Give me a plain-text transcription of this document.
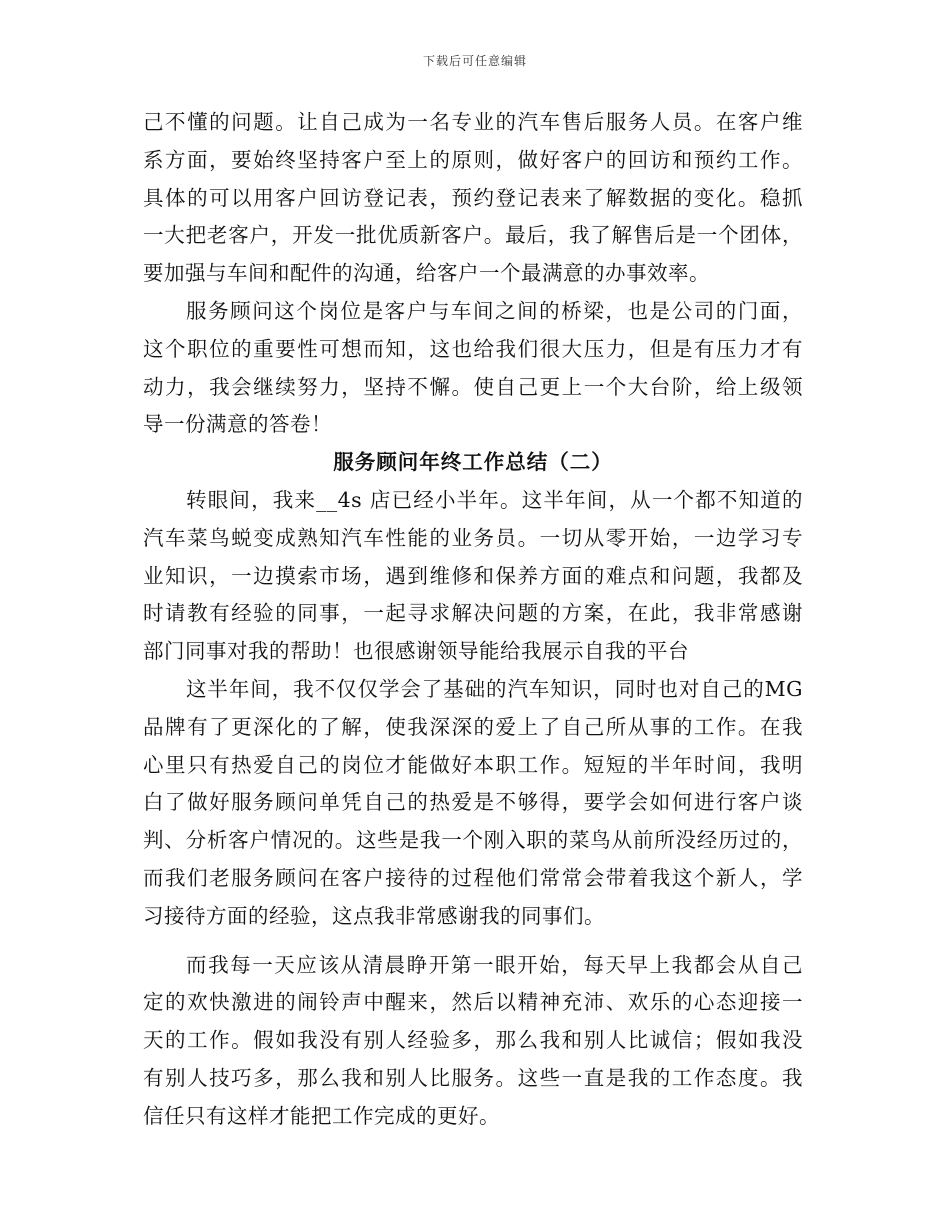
下载后可任意编辑
己不懂的问题。让自己成为一名专业的汽车售后服务人员。在客户维
系方面，要始终坚持客户至上的原则，做好客户的回访和预约工作。
具体的可以用客户回访登记表，预约登记表来了解数据的变化。稳抓
一大把老客户，开发一批优质新客户。最后，我了解售后是一个团体，
要加强与车间和配件的沟通，给客户一个最满意的办事效率。
服务顾问这个岗位是客户与车间之间的桥梁，也是公司的门面，
这个职位的重要性可想而知，这也给我们很大压力，但是有压力才有
动力，我会继续努力，坚持不懈。使自己更上一个大台阶，给上级领
导一份满意的答卷！
服务顾问年终工作总结（二）
转眼间，我来__4s 店已经小半年。这半年间，从一个都不知道的
汽车菜鸟蜕变成熟知汽车性能的业务员。一切从零开始，一边学习专
业知识，一边摸索市场，遇到维修和保养方面的难点和问题，我都及
时请教有经验的同事，一起寻求解决问题的方案，在此，我非常感谢
部门同事对我的帮助！也很感谢领导能给我展示自我的平台
这半年间，我不仅仅学会了基础的汽车知识，同时也对自己的MG
品牌有了更深化的了解，使我深深的爱上了自己所从事的工作。在我
心里只有热爱自己的岗位才能做好本职工作。短短的半年时间，我明
白了做好服务顾问单凭自己的热爱是不够得，要学会如何进行客户谈
判、分析客户情况的。这些是我一个刚入职的菜鸟从前所没经历过的，
而我们老服务顾问在客户接待的过程他们常常会带着我这个新人，学
习接待方面的经验，这点我非常感谢我的同事们。
而我每一天应该从清晨睁开第一眼开始，每天早上我都会从自己
定的欢快激进的闹铃声中醒来，然后以精神充沛、欢乐的心态迎接一
天的工作。假如我没有别人经验多，那么我和别人比诚信；假如我没
有别人技巧多，那么我和别人比服务。这些一直是我的工作态度。我
信任只有这样才能把工作完成的更好。
